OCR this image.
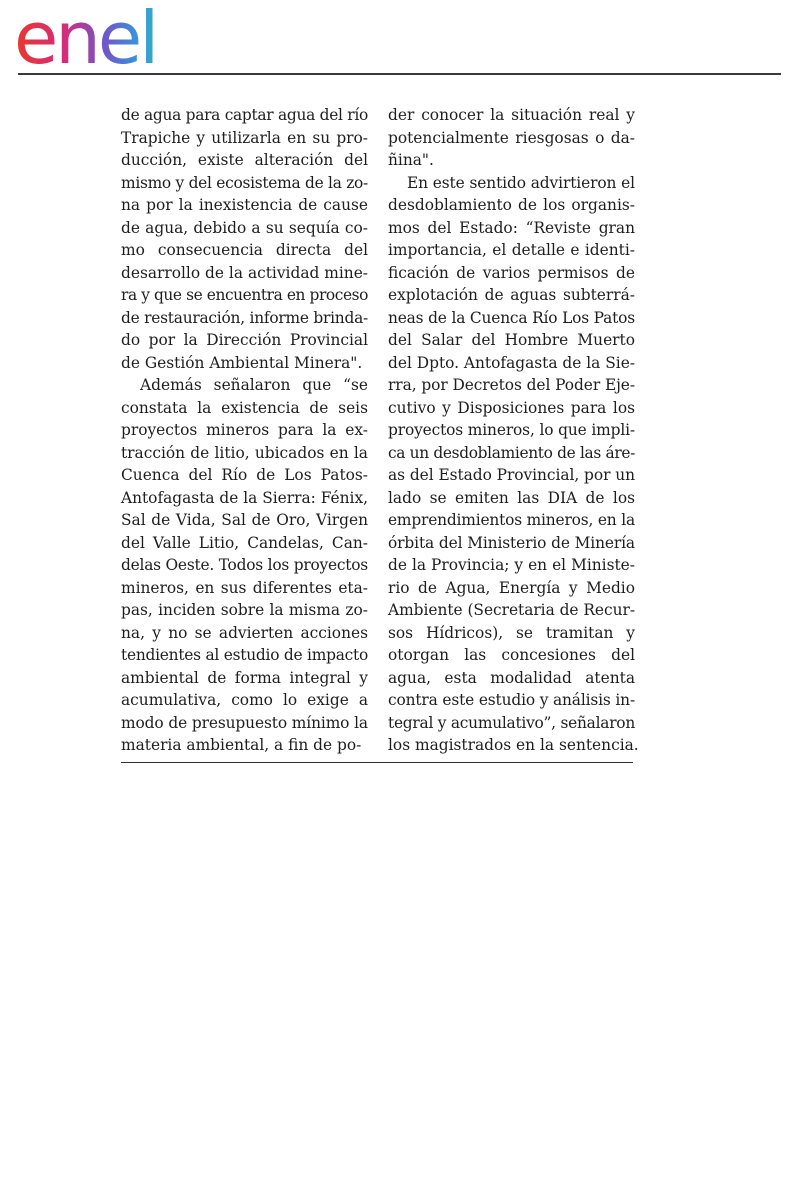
enel

de agua para captar agua del río

Trapiche y utilizarla en su pro-

ducción, existe alteración del

mismo y del ecosistema de la zo-

na por la inexistencia de cause

de agua, debido a su sequía co-

mo consecuencia directa del

desarrollo de la actividad mine-

ra y que se encuentra en proceso

de restauración, informe brinda-

do por la Dirección Provincial

de Gestión Ambiental Minera".

Además señalaron que “se

constata la existencia de seis

proyectos mineros para la ex-

tracción de litio, ubicados en la

Cuenca del Río de Los Patos-

Antofagasta de la Sierra: Fénix,

Sal de Vida, Sal de Oro, Virgen

del Valle Litio, Candelas, Can-

delas Oeste. Todos los proyectos

mineros, en sus diferentes eta-

pas, inciden sobre la misma zo-

na, y no se advierten acciones

tendientes al estudio de impacto

ambiental de forma integral y

acumulativa, como lo exige a

modo de presupuesto mínimo la

materia ambiental, a fin de po-

der conocer la situación real y

potencialmente riesgosas o da-

ñina".

En este sentido advirtieron el

desdoblamiento de los organis-

mos del Estado: “Reviste gran

importancia, el detalle e identi-

ficación de varios permisos de

explotación de aguas subterrá-

neas de la Cuenca Río Los Patos

del Salar del Hombre Muerto

del Dpto. Antofagasta de la Sie-

rra, por Decretos del Poder Eje-

cutivo y Disposiciones para los

proyectos mineros, lo que impli-

ca un desdoblamiento de las áre-

as del Estado Provincial, por un

lado se emiten las DIA de los

emprendimientos mineros, en la

órbita del Ministerio de Minería

de la Provincia; y en el Ministe-

rio de Agua, Energía y Medio

Ambiente (Secretaria de Recur-

sos Hídricos), se tramitan y

otorgan las concesiones del

agua, esta modalidad atenta

contra este estudio y análisis in-

tegral y acumulativo”, señalaron

los magistrados en la sentencia.
